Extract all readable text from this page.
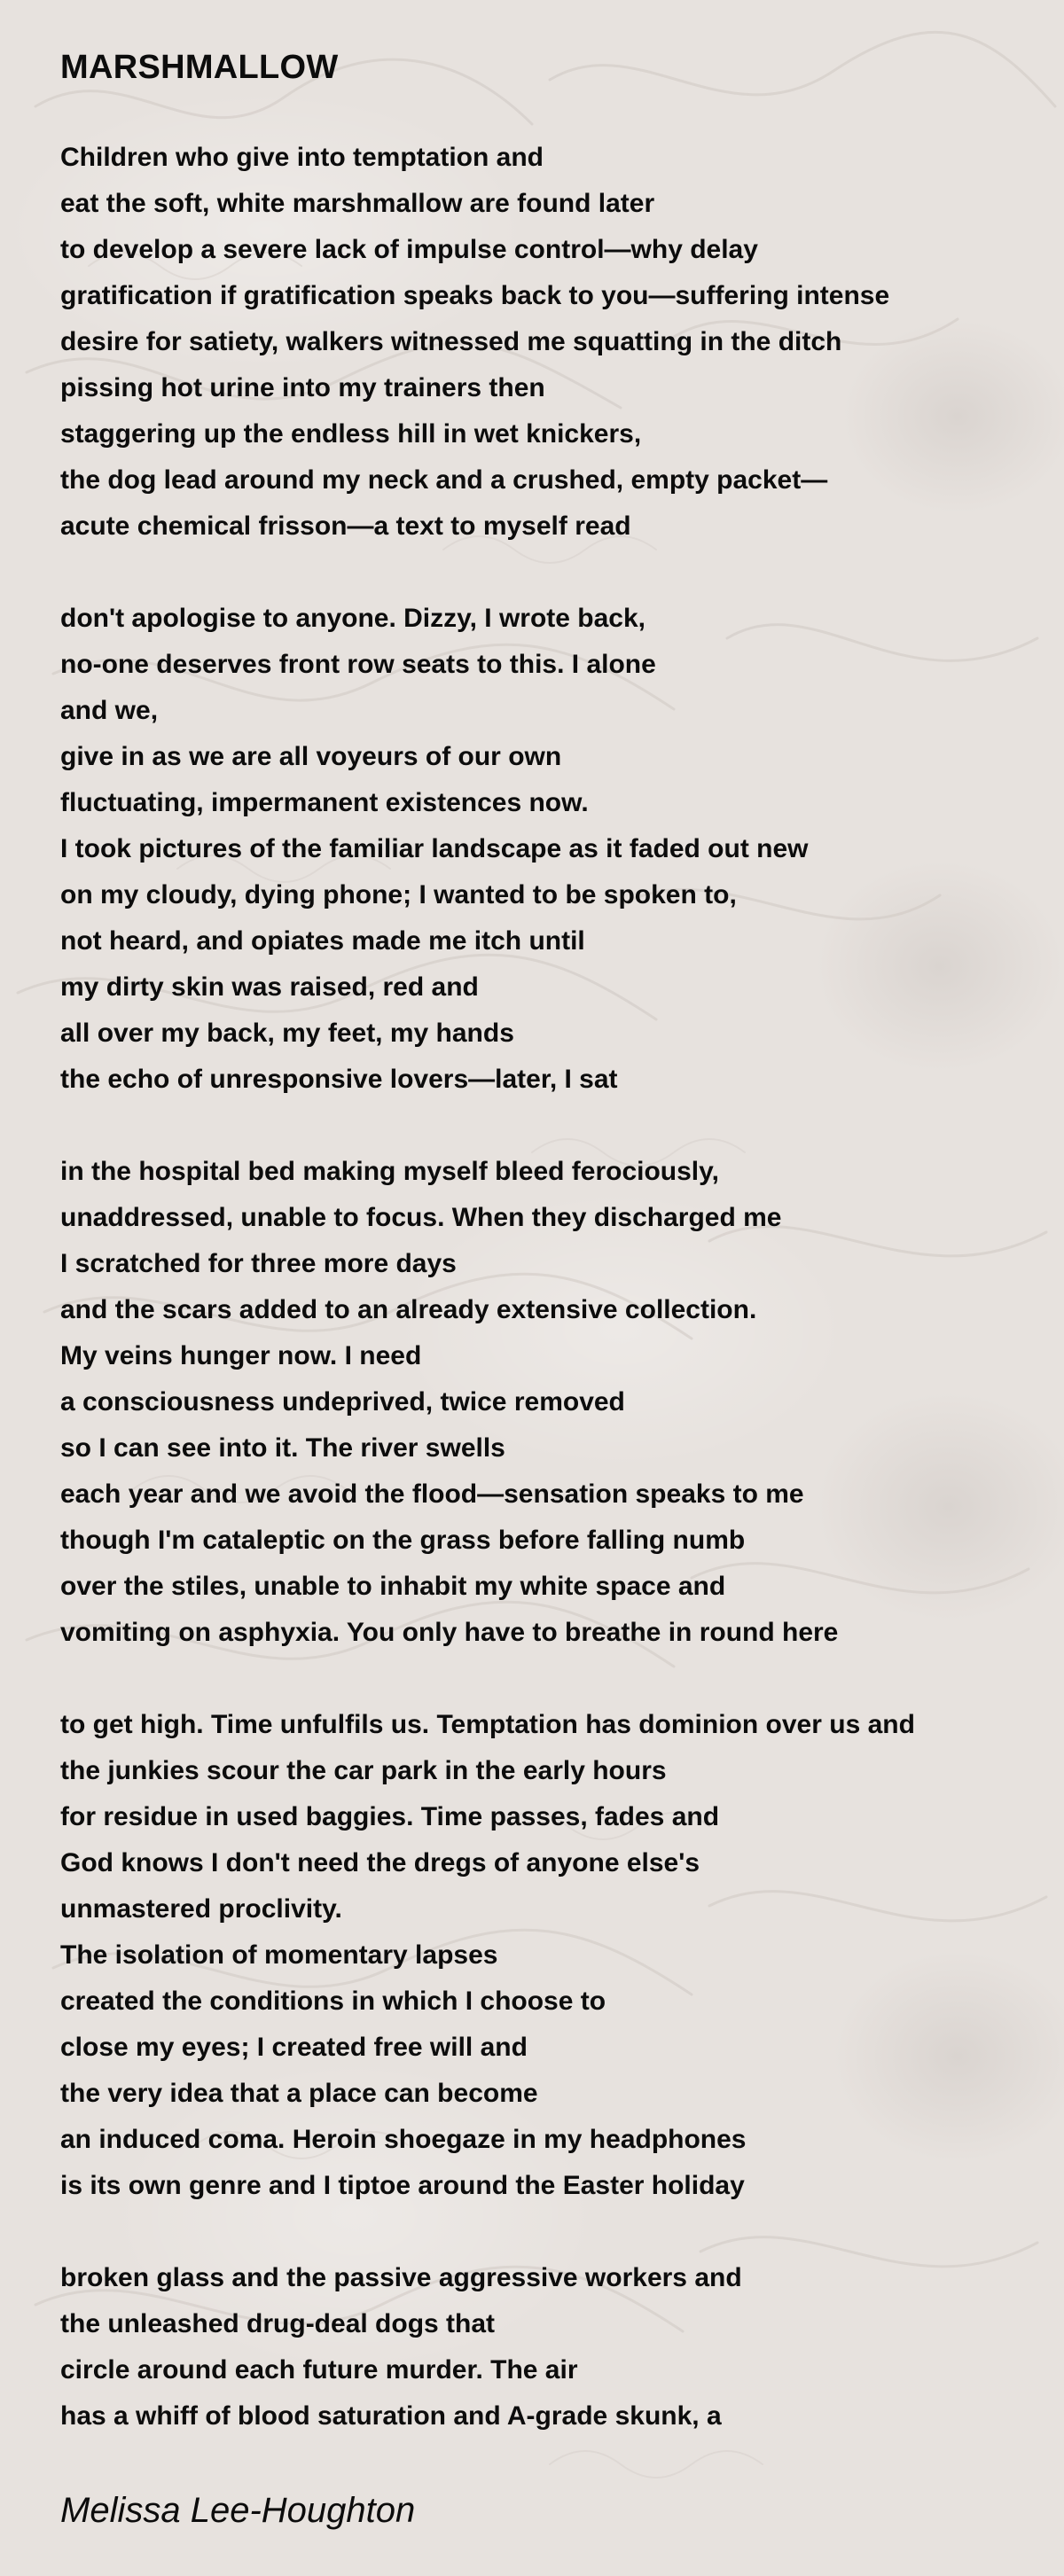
MARSHMALLOW
Children who give into temptation and
eat the soft, white marshmallow are found later
to develop a severe lack of impulse control—why delay
gratification if gratification speaks back to you—suffering intense
desire for satiety, walkers witnessed me squatting in the ditch
pissing hot urine into my trainers then
staggering up the endless hill in wet knickers,
the dog lead around my neck and a crushed, empty packet—
acute chemical frisson—a text to myself read
don't apologise to anyone. Dizzy, I wrote back,
no-one deserves front row seats to this. I alone
and we,
give in as we are all voyeurs of our own
fluctuating, impermanent existences now.
I took pictures of the familiar landscape as it faded out new
on my cloudy, dying phone; I wanted to be spoken to,
not heard, and opiates made me itch until
my dirty skin was raised, red and
all over my back, my feet, my hands
the echo of unresponsive lovers—later, I sat
in the hospital bed making myself bleed ferociously,
unaddressed, unable to focus. When they discharged me
I scratched for three more days
and the scars added to an already extensive collection.
My veins hunger now. I need
a consciousness undeprived, twice removed
so I can see into it. The river swells
each year and we avoid the flood—sensation speaks to me
though I'm cataleptic on the grass before falling numb
over the stiles, unable to inhabit my white space and
vomiting on asphyxia. You only have to breathe in round here
to get high. Time unfulfils us. Temptation has dominion over us and
the junkies scour the car park in the early hours
for residue in used baggies. Time passes, fades and
God knows I don't need the dregs of anyone else's
unmastered proclivity.
The isolation of momentary lapses
created the conditions in which I choose to
close my eyes; I created free will and
the very idea that a place can become
an induced coma. Heroin shoegaze in my headphones
is its own genre and I tiptoe around the Easter holiday
broken glass and the passive aggressive workers and
the unleashed drug-deal dogs that
circle around each future murder. The air
has a whiff of blood saturation and A-grade skunk, a
Melissa Lee-Houghton
